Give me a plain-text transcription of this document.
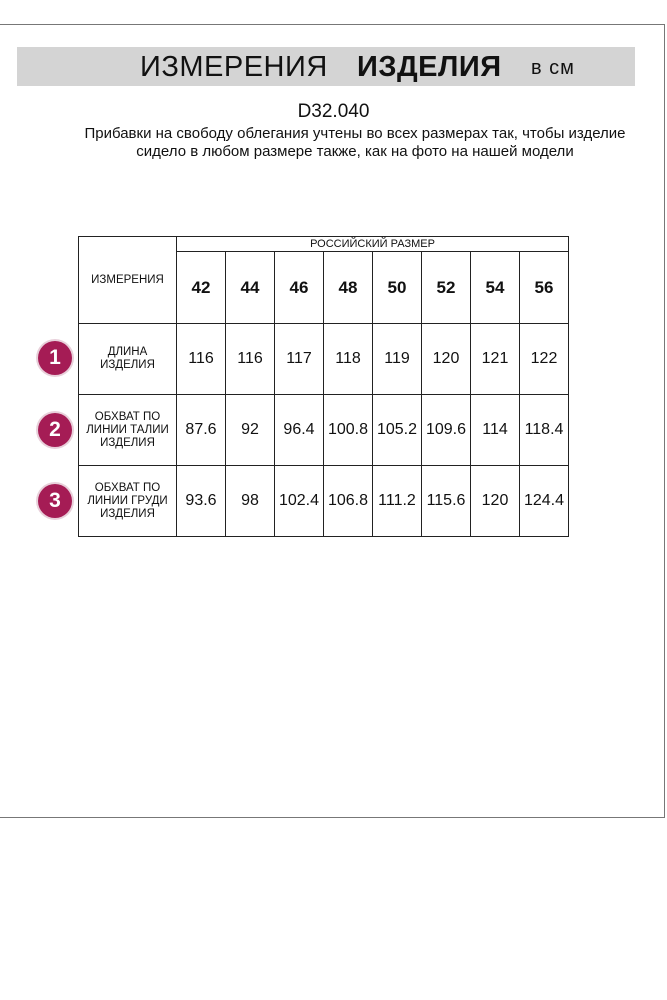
ИЗМЕРЕНИЯ ИЗДЕЛИЯ в см
D32.040
Прибавки на свободу облегания учтены во всех размерах так, чтобы изделие сидело в любом размере также, как на фото на нашей модели
ИЗМЕРЕНИЯ	РОССИЙСКИЙ РАЗМЕР							
	42	44	46	48	50	52	54	56
ДЛИНА
ИЗДЕЛИЯ	116	116	117	118	119	120	121	122
ОБХВАТ ПО
ЛИНИИ ТАЛИИ
ИЗДЕЛИЯ	87.6	92	96.4	100.8	105.2	109.6	114	118.4
ОБХВАТ ПО
ЛИНИИ ГРУДИ
ИЗДЕЛИЯ	93.6	98	102.4	106.8	111.2	115.6	120	124.4
1
2
3
